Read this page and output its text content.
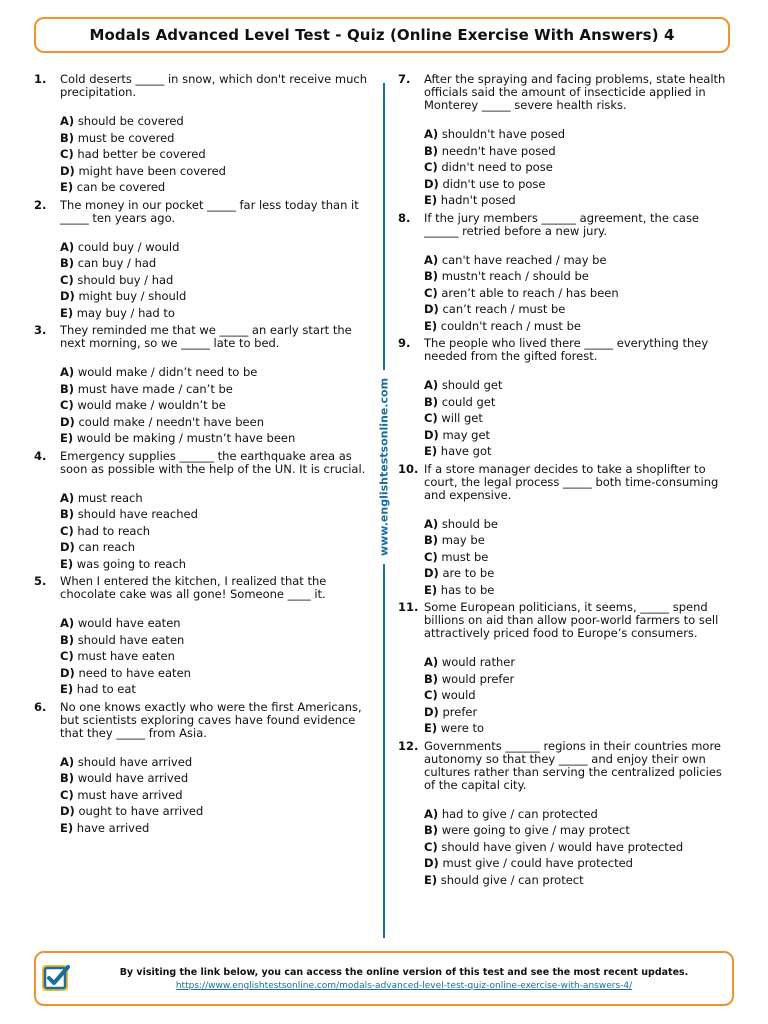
Modals Advanced Level Test - Quiz (Online Exercise With Answers) 4
1. Cold deserts _____ in snow, which don't receive much precipitation.
A) should be covered
B) must be covered
C) had better be covered
D) might have been covered
E) can be covered
2. The money in our pocket _____ far less today than it _____ ten years ago.
A) could buy / would
B) can buy / had
C) should buy / had
D) might buy / should
E) may buy / had to
3. They reminded me that we _____ an early start the next morning, so we _____ late to bed.
A) would make / didn’t need to be
B) must have made / can’t be
C) would make / wouldn’t be
D) could make / needn't have been
E) would be making / mustn’t have been
4. Emergency supplies ______ the earthquake area as soon as possible with the help of the UN. It is crucial.
A) must reach
B) should have reached
C) had to reach
D) can reach
E) was going to reach
5. When I entered the kitchen, I realized that the chocolate cake was all gone! Someone ____ it.
A) would have eaten
B) should have eaten
C) must have eaten
D) need to have eaten
E) had to eat
6. No one knows exactly who were the first Americans, but scientists exploring caves have found evidence that they _____ from Asia.
A) should have arrived
B) would have arrived
C) must have arrived
D) ought to have arrived
E) have arrived
www.englishtestsonline.com
7. After the spraying and facing problems, state health officials said the amount of insecticide applied in Monterey _____ severe health risks.
A) shouldn't have posed
B) needn't have posed
C) didn't need to pose
D) didn't use to pose
E) hadn't posed
8. If the jury members ______ agreement, the case ______ retried before a new jury.
A) can't have reached / may be
B) mustn't reach / should be
C) aren’t able to reach / has been
D) can’t reach / must be
E) couldn't reach / must be
9. The people who lived there _____ everything they needed from the gifted forest.
A) should get
B) could get
C) will get
D) may get
E) have got
10. If a store manager decides to take a shoplifter to court, the legal process _____ both time-consuming and expensive.
A) should be
B) may be
C) must be
D) are to be
E) has to be
11. Some European politicians, it seems, _____ spend billions on aid than allow poor-world farmers to sell attractively priced food to Europe’s consumers.
A) would rather
B) would prefer
C) would
D) prefer
E) were to
12. Governments ______ regions in their countries more autonomy so that they _____ and enjoy their own cultures rather than serving the centralized policies of the capital city.
A) had to give / can protected
B) were going to give / may protect
C) should have given / would have protected
D) must give / could have protected
E) should give / can protect
By visiting the link below, you can access the online version of this test and see the most recent updates.
https://www.englishtestsonline.com/modals-advanced-level-test-quiz-online-exercise-with-answers-4/
